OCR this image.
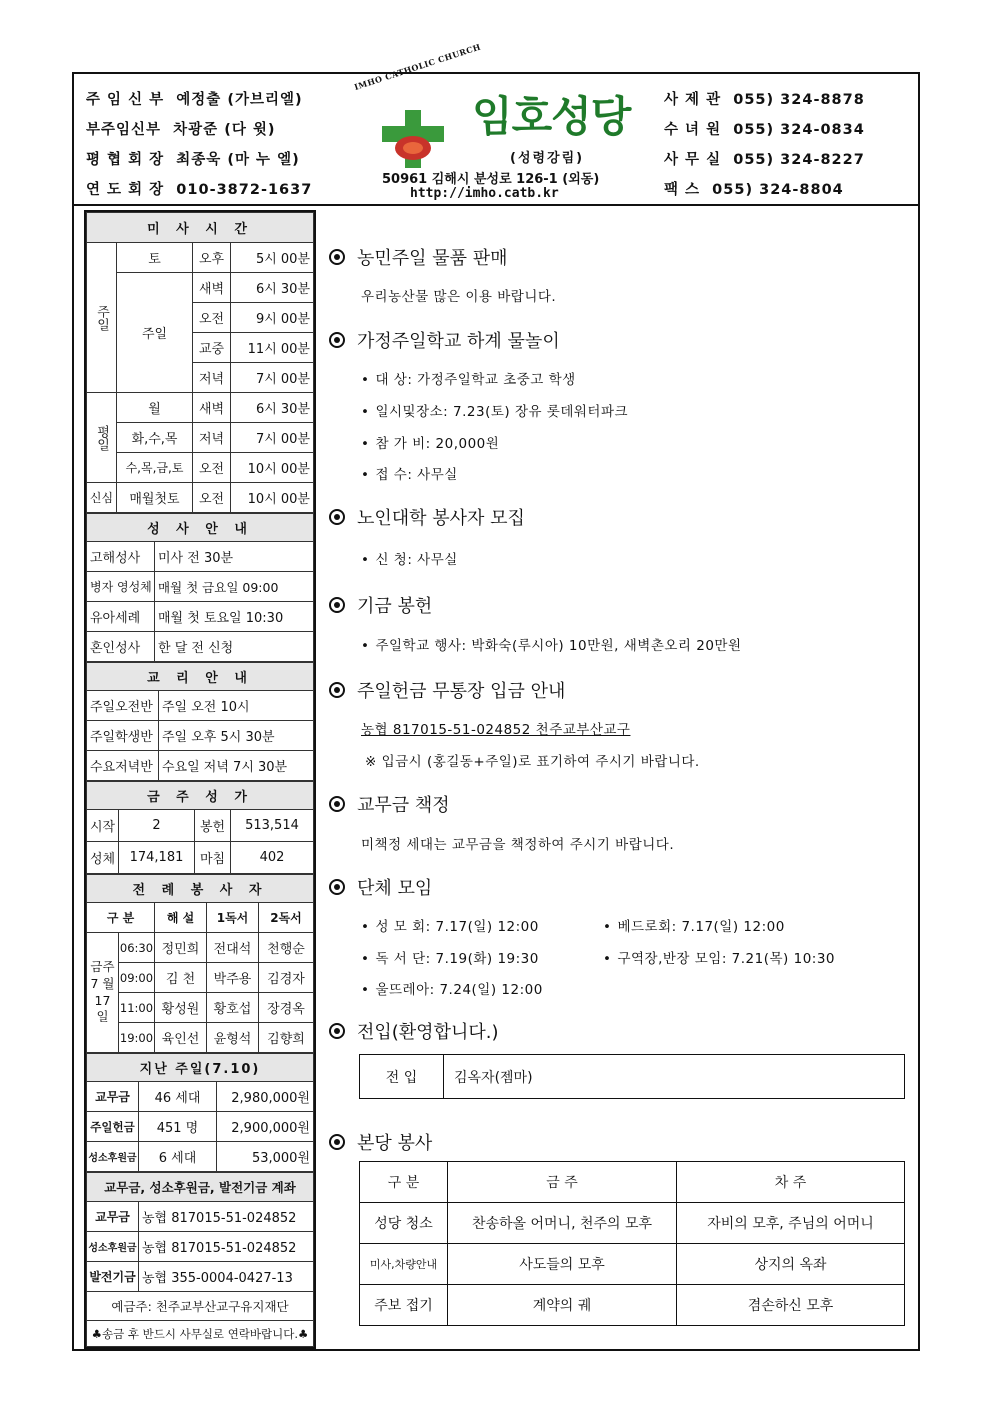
주 임 신 부 예정출 (가브리엘)
부주임신부 차광준 (다 윗)
평 협 회 장 최종욱 (마 누 엘)
연 도 회 장 010-3872-1637
IMHO CATHOLIC CHURCH
임호성당
(성령강림)
50961 김해시 분성로 126-1 (외동)
http://imho.catb.kr
사 제 관 055) 324-8878
수 녀 원 055) 324-0834
사 무 실 055) 324-8227
팩 스 055) 324-8804
미 사 시 간			
주일	토	오후	5시 00분
	주일	새벽	6시 30분
		오전	9시 00분
		교중	11시 00분
		저녁	7시 00분
평일	월	새벽	6시 30분
	화,수,목	저녁	7시 00분
	수,목,금,토	오전	10시 00분
신심	매월첫토	오전	10시 00분
성 사 안 내	
고해성사	미사 전 30분
병자 영성체	매월 첫 금요일 09:00
유아세례	매월 첫 토요일 10:30
혼인성사	한 달 전 신청
교 리 안 내	
주일오전반	주일 오전 10시
주일학생반	주일 오후 5시 30분
수요저녁반	수요일 저녁 7시 30분
금 주 성 가			
시작	2	봉헌	513,514
성체	174,181	마침	402
전 례 봉 사 자				
구 분		해 설	1독서	2독서
금주 7 월 17 일	06:30	정민희	전대석	천행순
	09:00	김 천	박주용	김경자
	11:00	황성원	황호섭	장경옥
	19:00	육인선	윤형석	김향희
지난 주일(7.10)		
교무금	46 세대	2,980,000원
주일헌금	451 명	2,900,000원
성소후원금	6 세대	53,000원
교무금, 성소후원금, 발전기금 계좌	
교무금	농협 817015-51-024852
성소후원금	농협 817015-51-024852
발전기금	농협 355-0004-0427-13
예금주: 천주교부산교구유지재단	
♣송금 후 반드시 사무실로 연락바랍니다.♣	
농민주일 물품 판매
우리농산물 많은 이용 바랍니다.
가정주일학교 하계 물놀이
• 대 상: 가정주일학교 초중고 학생
• 일시및장소: 7.23(토) 장유 롯데워터파크
• 참 가 비: 20,000원
• 접 수: 사무실
노인대학 봉사자 모집
• 신 청: 사무실
기금 봉헌
• 주일학교 행사: 박화숙(루시아) 10만원, 새벽촌오리 20만원
주일헌금 무통장 입금 안내
농협 817015-51-024852 천주교부산교구
※ 입금시 (홍길동+주일)로 표기하여 주시기 바랍니다.
교무금 책정
미책정 세대는 교무금을 책정하여 주시기 바랍니다.
단체 모임
• 성 모 회: 7.17(일) 12:00	• 베드로회: 7.17(일) 12:00
• 독 서 단: 7.19(화) 19:30	• 구역장,반장 모임: 7.21(목) 10:30
• 울뜨레아: 7.24(일) 12:00
전입(환영합니다.)
전 입	김옥자(젬마)
본당 봉사
구 분	금 주	차 주
성당 청소	찬송하올 어머니, 천주의 모후	자비의 모후, 주님의 어머니
미사,차량안내	사도들의 모후	상지의 옥좌
주보 접기	계약의 궤	겸손하신 모후
